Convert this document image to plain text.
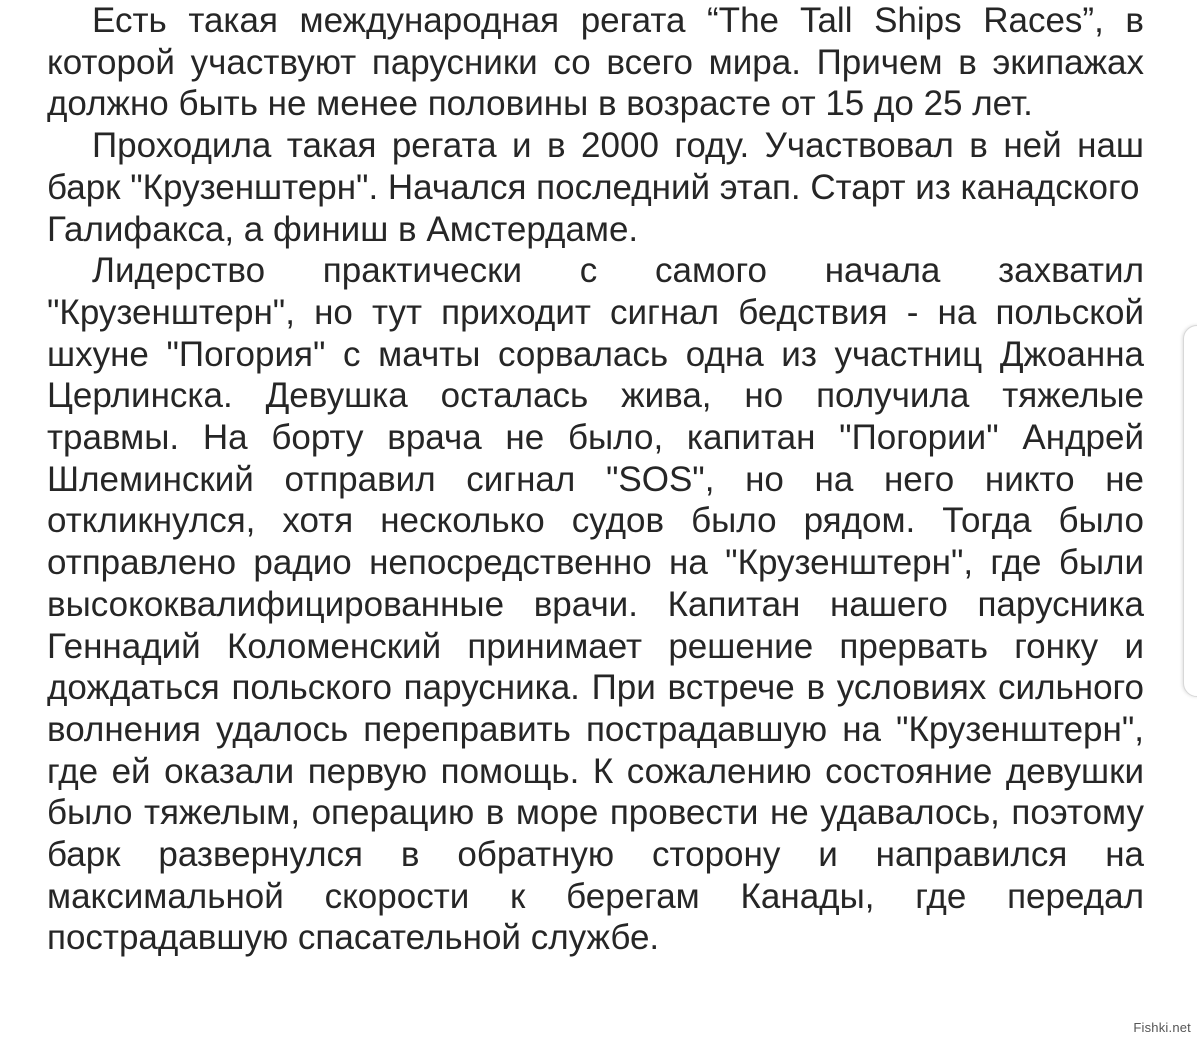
Есть такая международная регата “The Tall Ships Races”, в которой участвуют парусники со всего мира. Причем в экипажах должно быть не менее половины в возрасте от 15 до 25 лет.

Проходила такая регата и в 2000 году. Участвовал в ней наш барк "Крузенштерн". Начался последний этап. Старт из канадского

Галифакса, а финиш в Амстердаме.

Лидерство практически с самого начала захватил "Крузенштерн", но тут приходит сигнал бедствия - на польской шхуне "Погория" с мачты сорвалась одна из участниц Джоанна Церлинска. Девушка осталась жива, но получила тяжелые травмы. На борту врача не было, капитан "Погории" Андрей Шлеминский отправил сигнал "SOS", но на него никто не откликнулся, хотя несколько судов было рядом. Тогда было отправлено радио непосредственно на "Крузенштерн", где были высококвалифицированные врачи. Капитан нашего парусника Геннадий Коломенский принимает решение прервать гонку и дождаться польского парусника. При встрече в условиях сильного волнения удалось переправить пострадавшую на "Крузенштерн", где ей оказали первую помощь. К сожалению состояние девушки было тяжелым, операцию в море провести не удавалось, поэтому барк развернулся в обратную сторону и направился на максимальной скорости к берегам Канады, где передал пострадавшую спасательной службе.

Fishki.net
